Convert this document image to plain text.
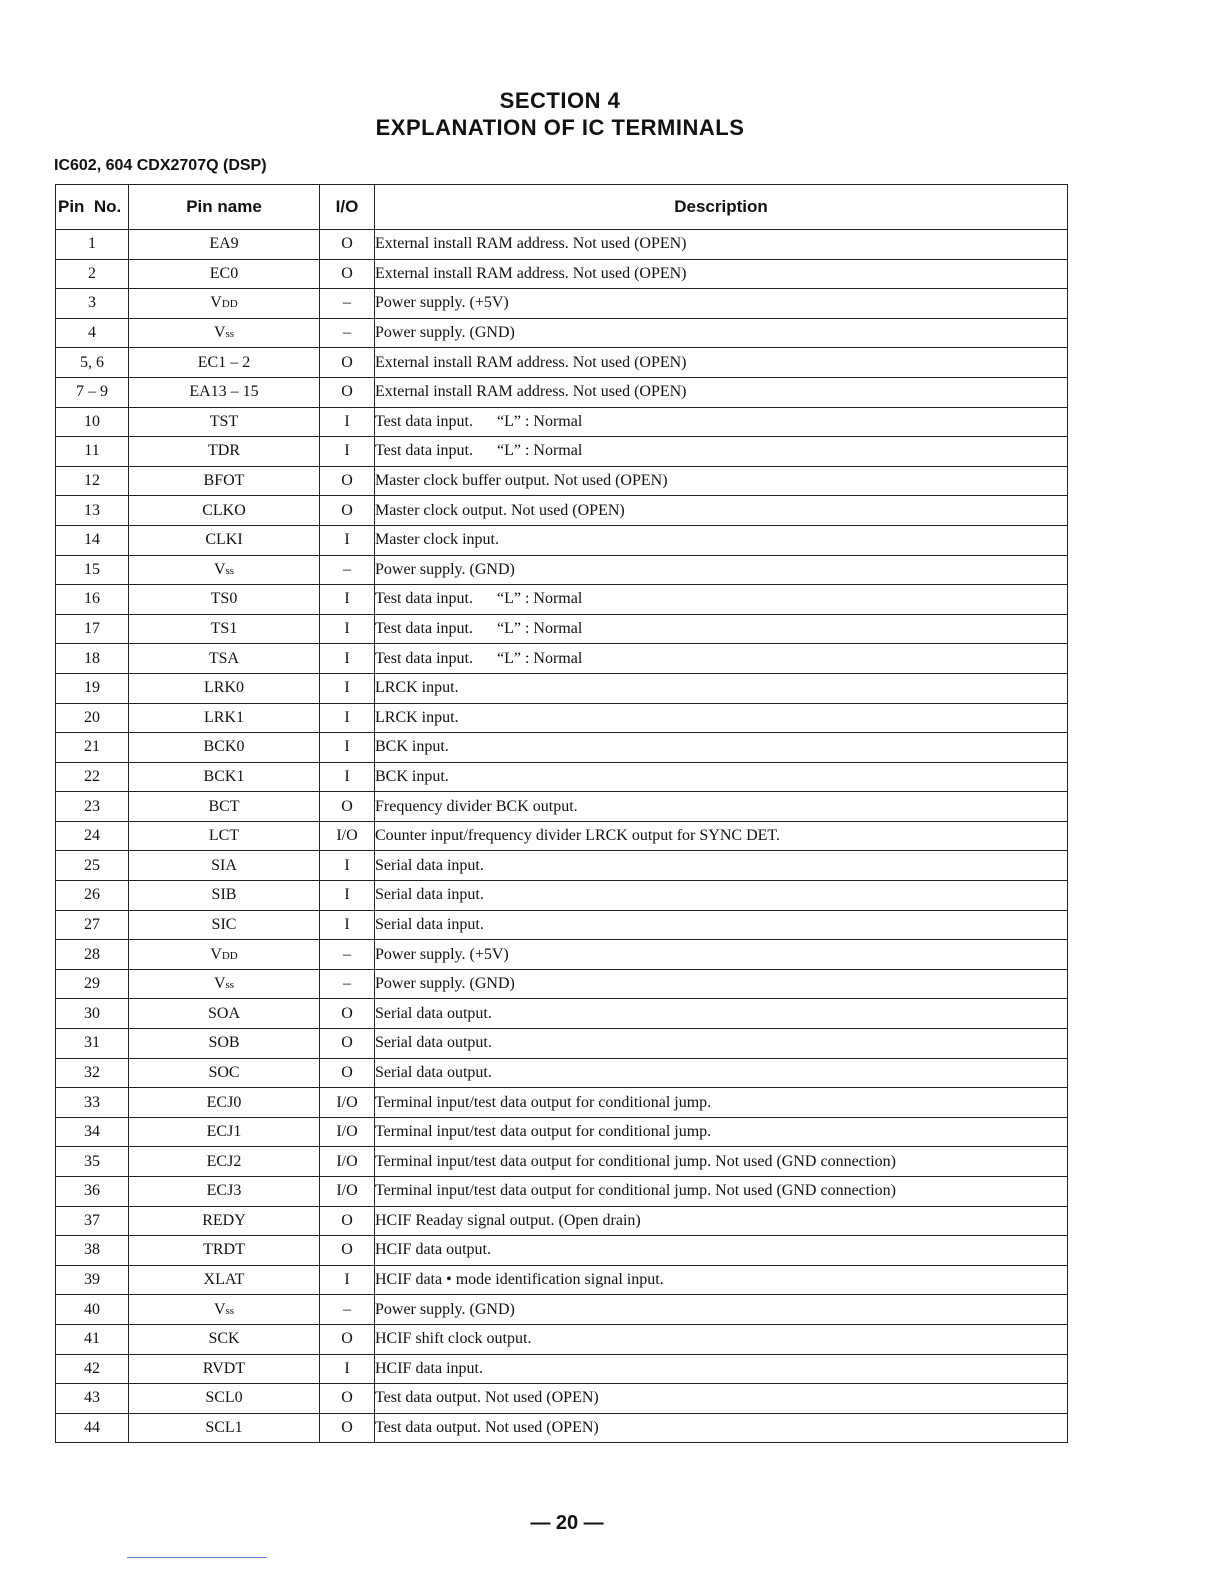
SECTION 4
EXPLANATION OF IC TERMINALS
IC602, 604 CDX2707Q (DSP)
Pin  No.	Pin name	I/O	Description
1	EA9	O	External install RAM address. Not used (OPEN)
2	EC0	O	External install RAM address. Not used (OPEN)
3	VDD	–	Power supply. (+5V)
4	Vss	–	Power supply. (GND)
5, 6	EC1 – 2	O	External install RAM address. Not used (OPEN)
7 – 9	EA13 – 15	O	External install RAM address. Not used (OPEN)
10	TST	I	Test data input.      “L” : Normal
11	TDR	I	Test data input.      “L” : Normal
12	BFOT	O	Master clock buffer output. Not used (OPEN)
13	CLKO	O	Master clock output. Not used (OPEN)
14	CLKI	I	Master clock input.
15	Vss	–	Power supply. (GND)
16	TS0	I	Test data input.      “L” : Normal
17	TS1	I	Test data input.      “L” : Normal
18	TSA	I	Test data input.      “L” : Normal
19	LRK0	I	LRCK input.
20	LRK1	I	LRCK input.
21	BCK0	I	BCK input.
22	BCK1	I	BCK input.
23	BCT	O	Frequency divider BCK output.
24	LCT	I/O	Counter input/frequency divider LRCK output for SYNC DET.
25	SIA	I	Serial data input.
26	SIB	I	Serial data input.
27	SIC	I	Serial data input.
28	VDD	–	Power supply. (+5V)
29	Vss	–	Power supply. (GND)
30	SOA	O	Serial data output.
31	SOB	O	Serial data output.
32	SOC	O	Serial data output.
33	ECJ0	I/O	Terminal input/test data output for conditional jump.
34	ECJ1	I/O	Terminal input/test data output for conditional jump.
35	ECJ2	I/O	Terminal input/test data output for conditional jump. Not used (GND connection)
36	ECJ3	I/O	Terminal input/test data output for conditional jump. Not used (GND connection)
37	REDY	O	HCIF Readay signal output. (Open drain)
38	TRDT	O	HCIF data output.
39	XLAT	I	HCIF data • mode identification signal input.
40	Vss	–	Power supply. (GND)
41	SCK	O	HCIF shift clock output.
42	RVDT	I	HCIF data input.
43	SCL0	O	Test data output. Not used (OPEN)
44	SCL1	O	Test data output. Not used (OPEN)
— 20 —
